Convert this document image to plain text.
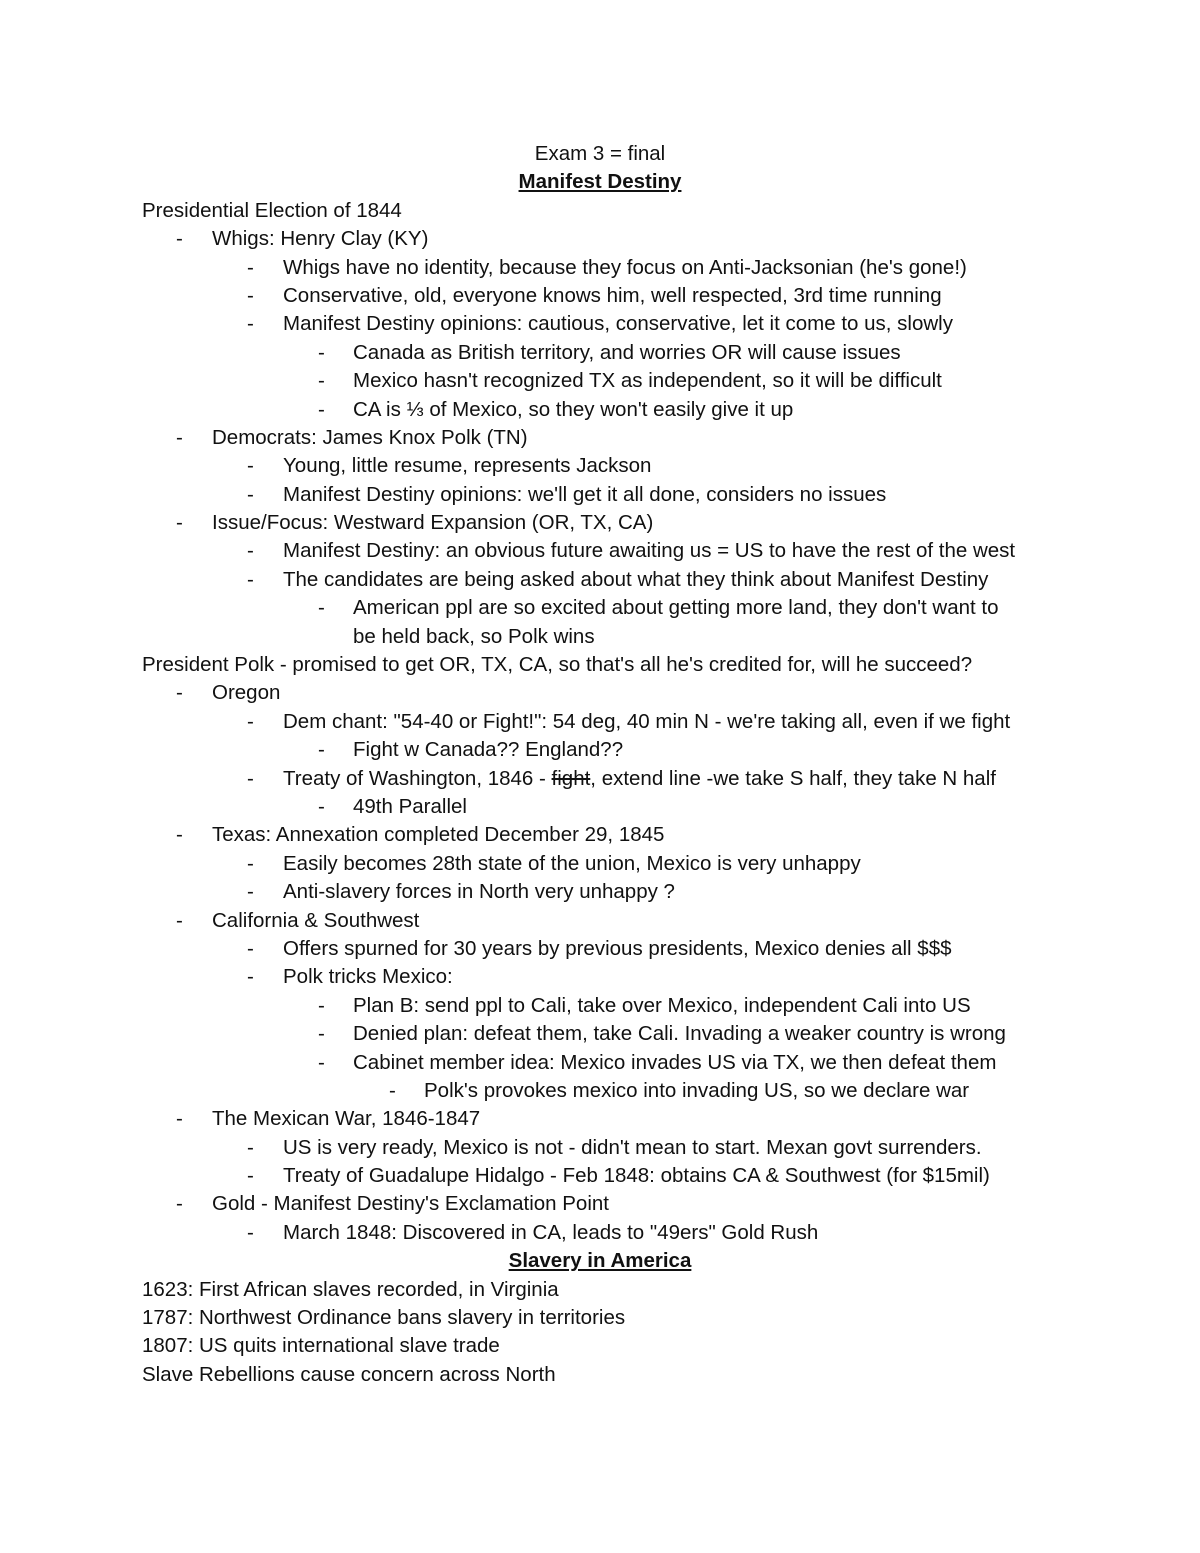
Exam 3 = final
Manifest Destiny
Presidential Election of 1844
- Whigs: Henry Clay (KY)
- Whigs have no identity, because they focus on Anti-Jacksonian (he's gone!)
- Conservative, old, everyone knows him, well respected, 3rd time running
- Manifest Destiny opinions: cautious, conservative, let it come to us, slowly
- Canada as British territory, and worries OR will cause issues
- Mexico hasn't recognized TX as independent, so it will be difficult
- CA is ⅓ of Mexico, so they won't easily give it up
- Democrats: James Knox Polk (TN)
- Young, little resume, represents Jackson
- Manifest Destiny opinions: we'll get it all done, considers no issues
- Issue/Focus: Westward Expansion (OR, TX, CA)
- Manifest Destiny: an obvious future awaiting us = US to have the rest of the west
- The candidates are being asked about what they think about Manifest Destiny
- American ppl are so excited about getting more land, they don't want to
be held back, so Polk wins
President Polk - promised to get OR, TX, CA, so that's all he's credited for, will he succeed?
- Oregon
- Dem chant: "54-40 or Fight!": 54 deg, 40 min N - we're taking all, even if we fight
- Fight w Canada?? England??
- Treaty of Washington, 1846 - fight, extend line -we take S half, they take N half
- 49th Parallel
- Texas: Annexation completed December 29, 1845
- Easily becomes 28th state of the union, Mexico is very unhappy
- Anti-slavery forces in North very unhappy ?
- California & Southwest
- Offers spurned for 30 years by previous presidents, Mexico denies all $$$
- Polk tricks Mexico:
- Plan B: send ppl to Cali, take over Mexico, independent Cali into US
- Denied plan: defeat them, take Cali. Invading a weaker country is wrong
- Cabinet member idea: Mexico invades US via TX, we then defeat them
- Polk's provokes mexico into invading US, so we declare war
- The Mexican War, 1846-1847
- US is very ready, Mexico is not - didn't mean to start. Mexan govt surrenders.
- Treaty of Guadalupe Hidalgo - Feb 1848: obtains CA & Southwest (for $15mil)
- Gold - Manifest Destiny's Exclamation Point
- March 1848: Discovered in CA, leads to "49ers" Gold Rush
Slavery in America
1623: First African slaves recorded, in Virginia
1787: Northwest Ordinance bans slavery in territories
1807: US quits international slave trade
Slave Rebellions cause concern across North
